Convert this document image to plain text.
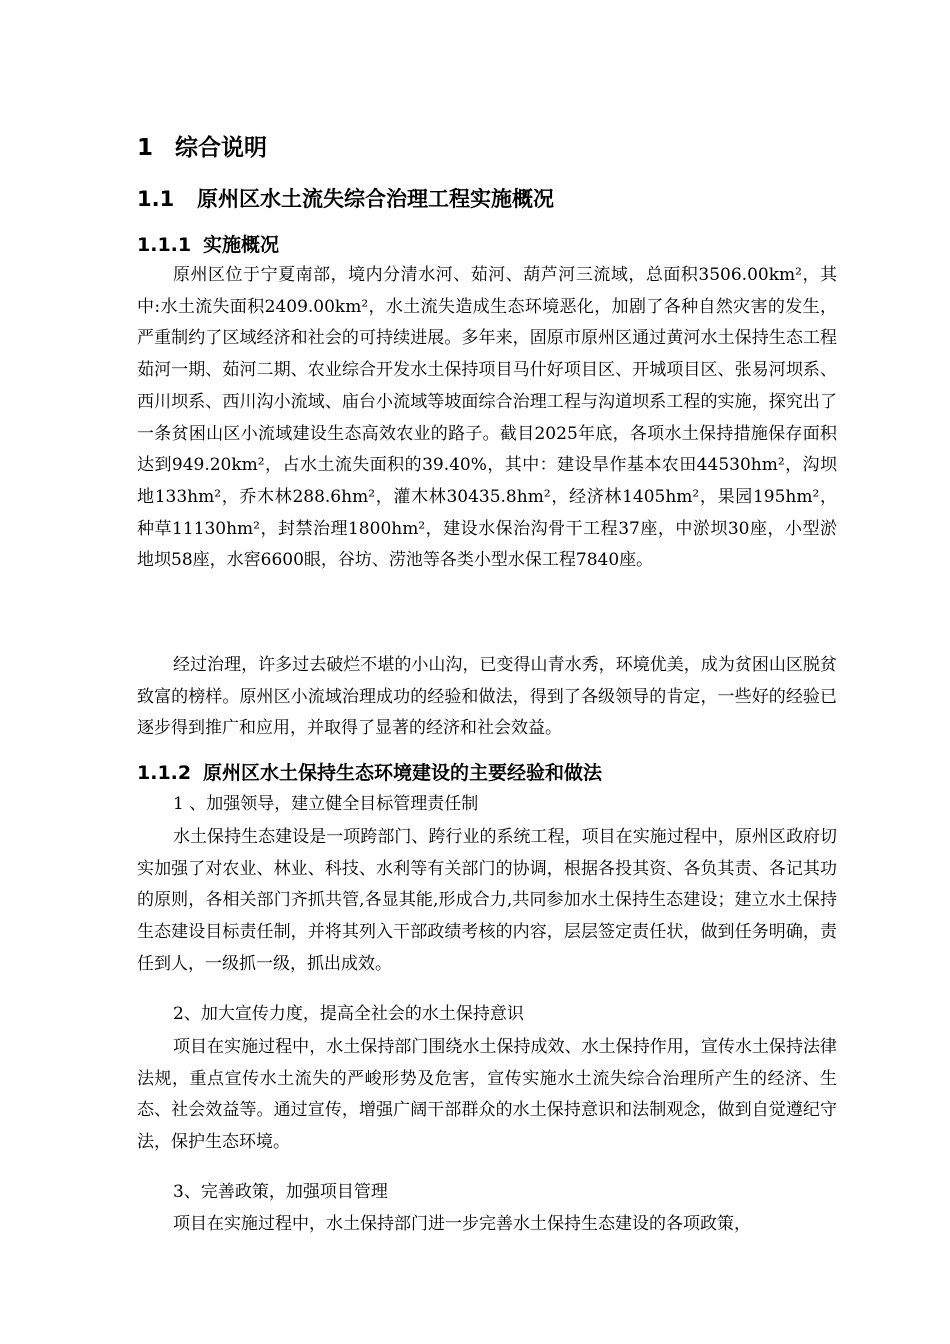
1 综合说明
1.1 原州区水土流失综合治理工程实施概况
1.1.1 实施概况

原州区位于宁夏南部，境内分清水河、茹河、葫芦河三流域，总面积3506.00km²，其中:水土流失面积2409.00km²，水土流失造成生态环境恶化，加剧了各种自然灾害的发生，严重制约了区域经济和社会的可持续进展。多年来，固原市原州区通过黄河水土保持生态工程茹河一期、茹河二期、农业综合开发水土保持项目马什好项目区、开城项目区、张易河坝系、西川坝系、西川沟小流域、庙台小流域等坡面综合治理工程与沟道坝系工程的实施，探究出了一条贫困山区小流域建设生态高效农业的路子。截目2025年底，各项水土保持措施保存面积达到949.20km²，占水土流失面积的39.40%，其中：建设旱作基本农田44530hm²，沟坝地133hm²，乔木林288.6hm²，灌木林30435.8hm²，经济林1405hm²，果园195hm²，种草11130hm²，封禁治理1800hm²，建设水保治沟骨干工程37座，中淤坝30座，小型淤地坝58座，水窖6600眼，谷坊、涝池等各类小型水保工程7840座。

经过治理，许多过去破烂不堪的小山沟，已变得山青水秀，环境优美，成为贫困山区脱贫致富的榜样。原州区小流域治理成功的经验和做法，得到了各级领导的肯定，一些好的经验已逐步得到推广和应用，并取得了显著的经济和社会效益。

1.1.2 原州区水土保持生态环境建设的主要经验和做法

1 、加强领导，建立健全目标管理责任制

水土保持生态建设是一项跨部门、跨行业的系统工程，项目在实施过程中，原州区政府切实加强了对农业、林业、科技、水利等有关部门的协调，根据各投其资、各负其责、各记其功的原则，各相关部门齐抓共管,各显其能,形成合力,共同参加水土保持生态建设；建立水土保持生态建设目标责任制，并将其列入干部政绩考核的内容，层层签定责任状，做到任务明确，责任到人，一级抓一级，抓出成效。

2、加大宣传力度，提高全社会的水土保持意识

项目在实施过程中，水土保持部门围绕水土保持成效、水土保持作用，宣传水土保持法律法规，重点宣传水土流失的严峻形势及危害，宣传实施水土流失综合治理所产生的经济、生态、社会效益等。通过宣传，增强广阔干部群众的水土保持意识和法制观念，做到自觉遵纪守法，保护生态环境。

3、完善政策，加强项目管理

项目在实施过程中，水土保持部门进一步完善水土保持生态建设的各项政策，
